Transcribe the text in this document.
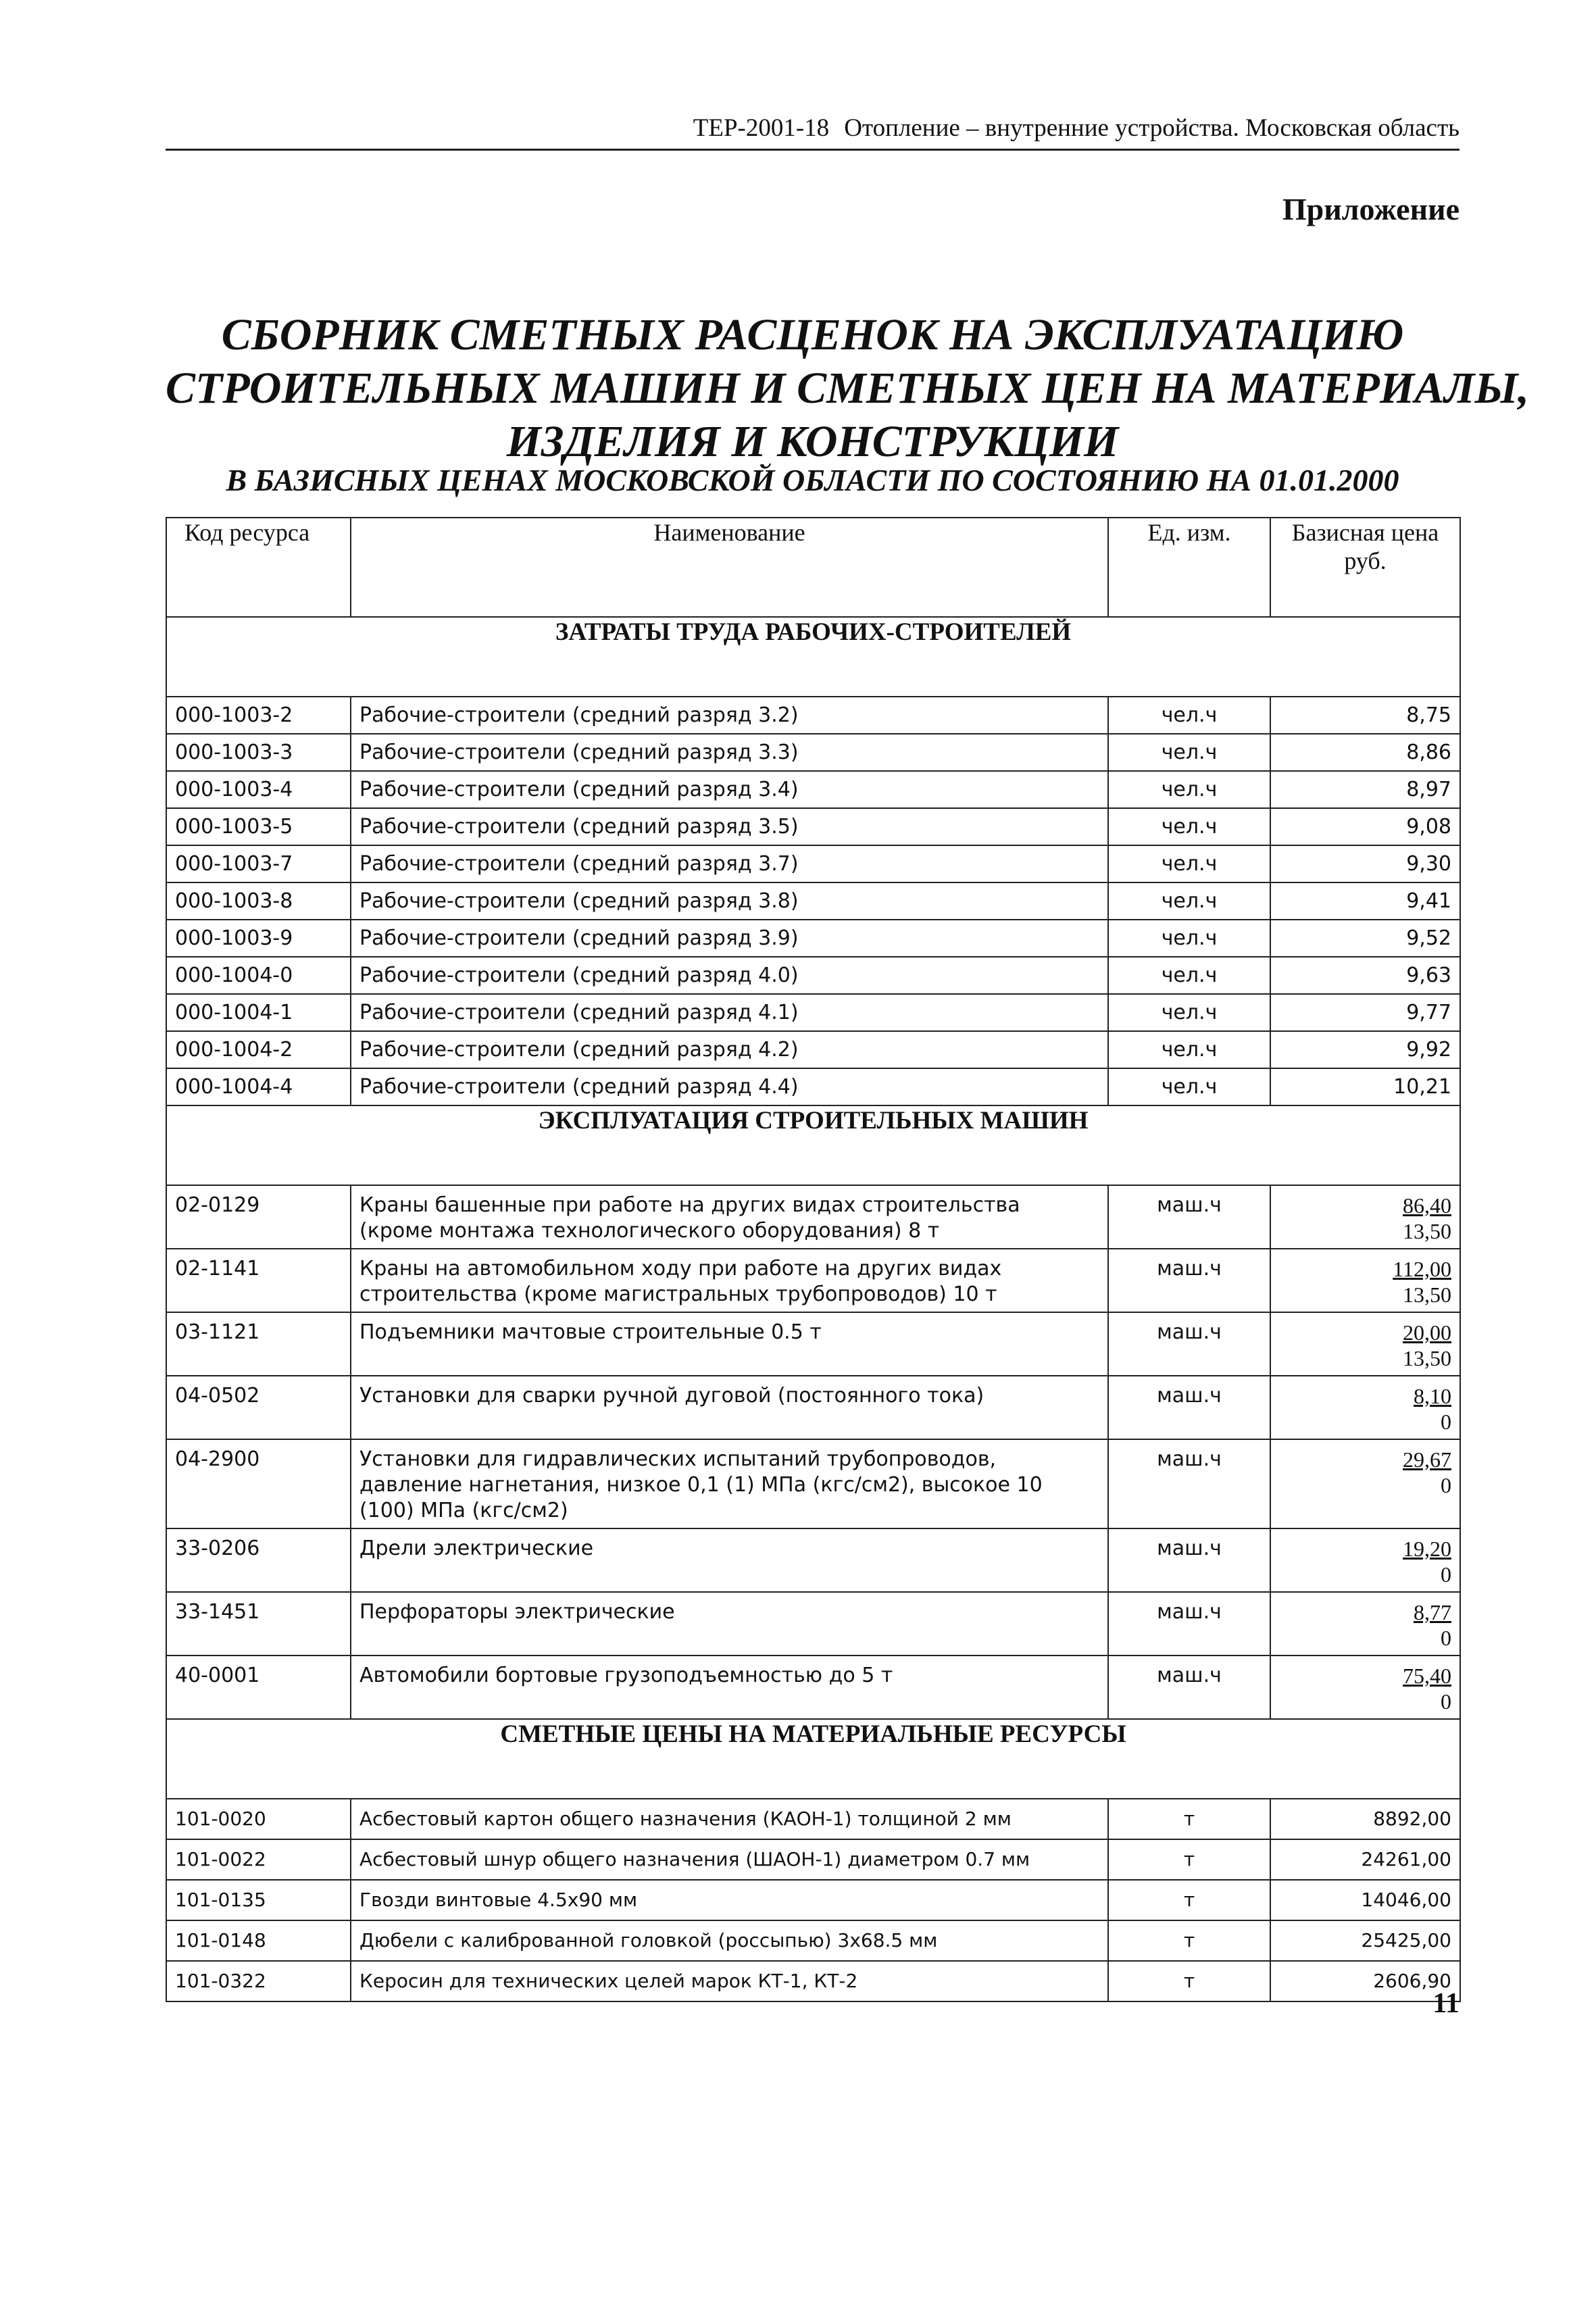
ТЕР-2001-18 Отопление – внутренние устройства. Московская область
Приложение
СБОРНИК СМЕТНЫХ РАСЦЕНОК НА ЭКСПЛУАТАЦИЮ
СТРОИТЕЛЬНЫХ МАШИН И СМЕТНЫХ ЦЕН НА МАТЕРИАЛЫ,
ИЗДЕЛИЯ И КОНСТРУКЦИИ
В БАЗИСНЫХ ЦЕНАХ МОСКОВСКОЙ ОБЛАСТИ ПО СОСТОЯНИЮ НА 01.01.2000
Код ресурса	Наименование	Ед. изм.	Базисная цена
руб.
ЗАТРАТЫ ТРУДА РАБОЧИХ-СТРОИТЕЛЕЙ			
000-1003-2	Рабочие-строители (средний разряд 3.2)	чел.ч	8,75
000-1003-3	Рабочие-строители (средний разряд 3.3)	чел.ч	8,86
000-1003-4	Рабочие-строители (средний разряд 3.4)	чел.ч	8,97
000-1003-5	Рабочие-строители (средний разряд 3.5)	чел.ч	9,08
000-1003-7	Рабочие-строители (средний разряд 3.7)	чел.ч	9,30
000-1003-8	Рабочие-строители (средний разряд 3.8)	чел.ч	9,41
000-1003-9	Рабочие-строители (средний разряд 3.9)	чел.ч	9,52
000-1004-0	Рабочие-строители (средний разряд 4.0)	чел.ч	9,63
000-1004-1	Рабочие-строители (средний разряд 4.1)	чел.ч	9,77
000-1004-2	Рабочие-строители (средний разряд 4.2)	чел.ч	9,92
000-1004-4	Рабочие-строители (средний разряд 4.4)	чел.ч	10,21
ЭКСПЛУАТАЦИЯ СТРОИТЕЛЬНЫХ МАШИН			
02-0129	Краны башенные при работе на других видах строительства (кроме монтажа технологического оборудования) 8 т	маш.ч	86,40
13,50

02-1141	Краны на автомобильном ходу при работе на других видах строительства (кроме магистральных трубопроводов) 10 т	маш.ч	112,00
13,50

03-1121	Подъемники мачтовые строительные 0.5 т	маш.ч	20,00
13,50

04-0502	Установки для сварки ручной дуговой (постоянного тока)	маш.ч	8,10
0

04-2900	Установки для гидравлических испытаний трубопроводов, давление нагнетания, низкое 0,1 (1) МПа (кгс/см2), высокое 10 (100) МПа (кгс/см2)	маш.ч	29,67
0

33-0206	Дрели электрические	маш.ч	19,20
0

33-1451	Перфораторы электрические	маш.ч	8,77
0

40-0001	Автомобили бортовые грузоподъемностью до 5 т	маш.ч	75,40
0

СМЕТНЫЕ ЦЕНЫ НА МАТЕРИАЛЬНЫЕ РЕСУРСЫ			
101-0020	Асбестовый картон общего назначения (КАОН-1) толщиной 2 мм	т	8892,00
101-0022	Асбестовый шнур общего назначения (ШАОН-1) диаметром 0.7 мм	т	24261,00
101-0135	Гвозди винтовые 4.5х90 мм	т	14046,00
101-0148	Дюбели с калиброванной головкой (россыпью) 3х68.5 мм	т	25425,00
101-0322	Керосин для технических целей марок КТ-1, КТ-2	т	2606,90
11
